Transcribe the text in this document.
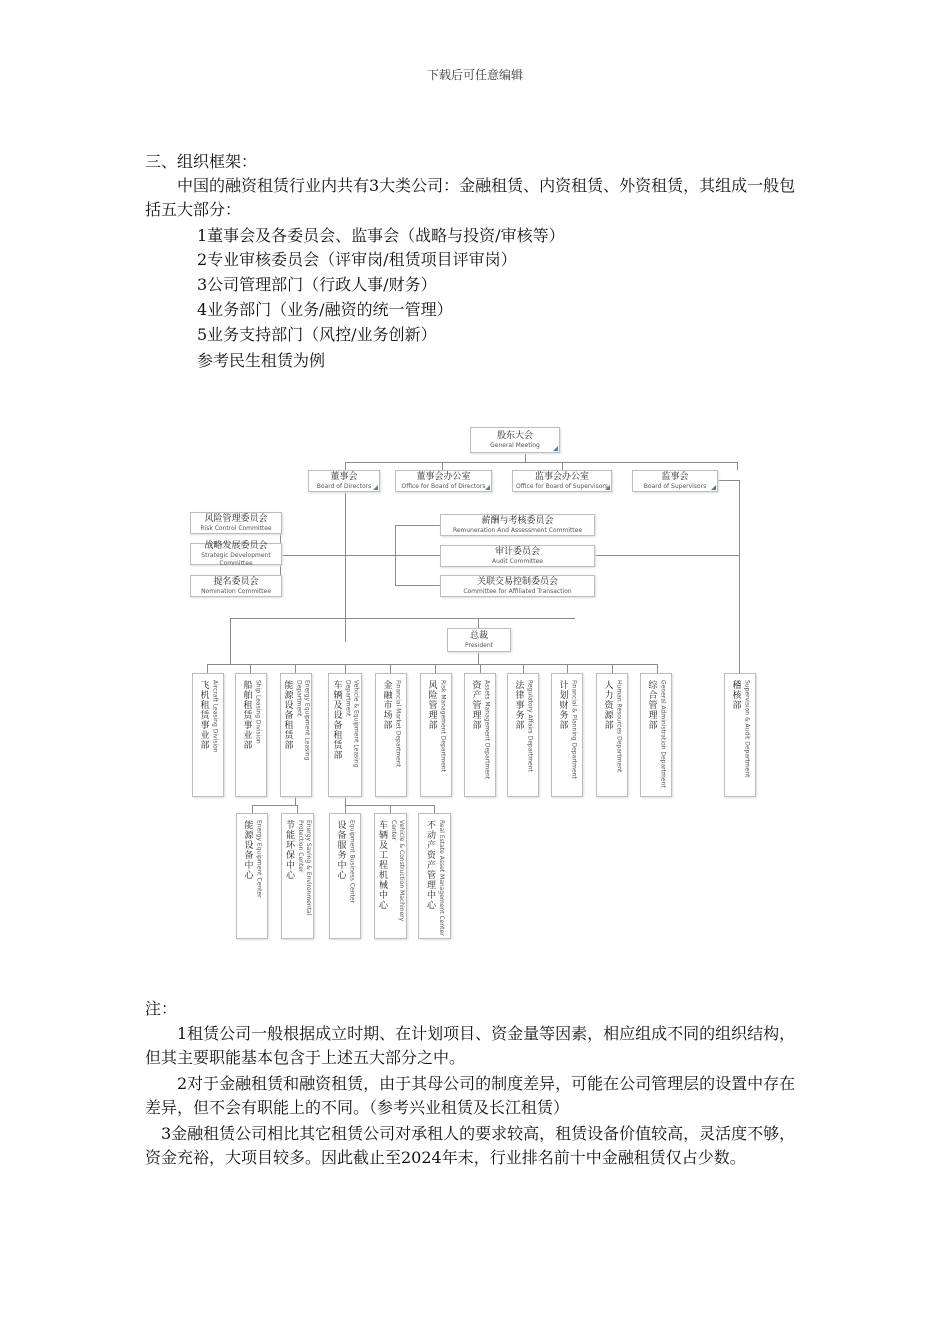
下载后可任意编辑
三、组织框架：
中国的融资租赁行业内共有3大类公司：金融租赁、内资租赁、外资租赁，其组成一般包括五大部分：
1董事会及各委员会、监事会（战略与投资/审核等）
2专业审核委员会（评审岗/租赁项目评审岗）
3公司管理部门（行政人事/财务）
4业务部门（业务/融资的统一管理）
5业务支持部门（风控/业务创新）
参考民生租赁为例
股东大会
General Meeting
董事会
Board of Directors
董事会办公室
Office for Board of Directors
监事会办公室
Office for Board of Supervisors
监事会
Board of Supervisors
风险管理委员会
Risk Control Committee
战略发展委员会
Strategic Development Committee
提名委员会
Nomination Committee
薪酬与考核委员会
Remuneration And Assessment Committee
审计委员会
Audit Committee
关联交易控制委员会
Committee for Affiliated Transaction
总裁
President
Aircraft Leasing Division
飞机租赁事业部	Ship Leasing Division
船舶租赁事业部	Energy Equipment Leasing Department
能源设备租赁部	Vehicle & Equipment Leasing Department
车辆及设备租赁部	Financial Market Department
金融市场部	Risk Management Department
风险管理部	Assets Management Department
资产管理部	Regulatory Affairs Department
法律事务部	Financial & Planning Department
计划财务部	Human Resources Department
人力资源部	General Administration Department
综合管理部	Supervision & Audit Department
稽核部
Energy Equipment Center
能源设备中心	Energy Saving & Environmental Protection Center
节能环保中心	Equipment Business Center
设备服务中心	Vehicle & Construction Machinery Center
车辆及工程机械中心	Real Estate Asset Management Center
不动产资产管理中心
注：
1租赁公司一般根据成立时期、在计划项目、资金量等因素，相应组成不同的组织结构，但其主要职能基本包含于上述五大部分之中。
2对于金融租赁和融资租赁，由于其母公司的制度差异，可能在公司管理层的设置中存在差异，但不会有职能上的不同。（参考兴业租赁及长江租赁）
3金融租赁公司相比其它租赁公司对承租人的要求较高，租赁设备价值较高，灵活度不够，资金充裕，大项目较多。因此截止至2024年末，行业排名前十中金融租赁仅占少数。
